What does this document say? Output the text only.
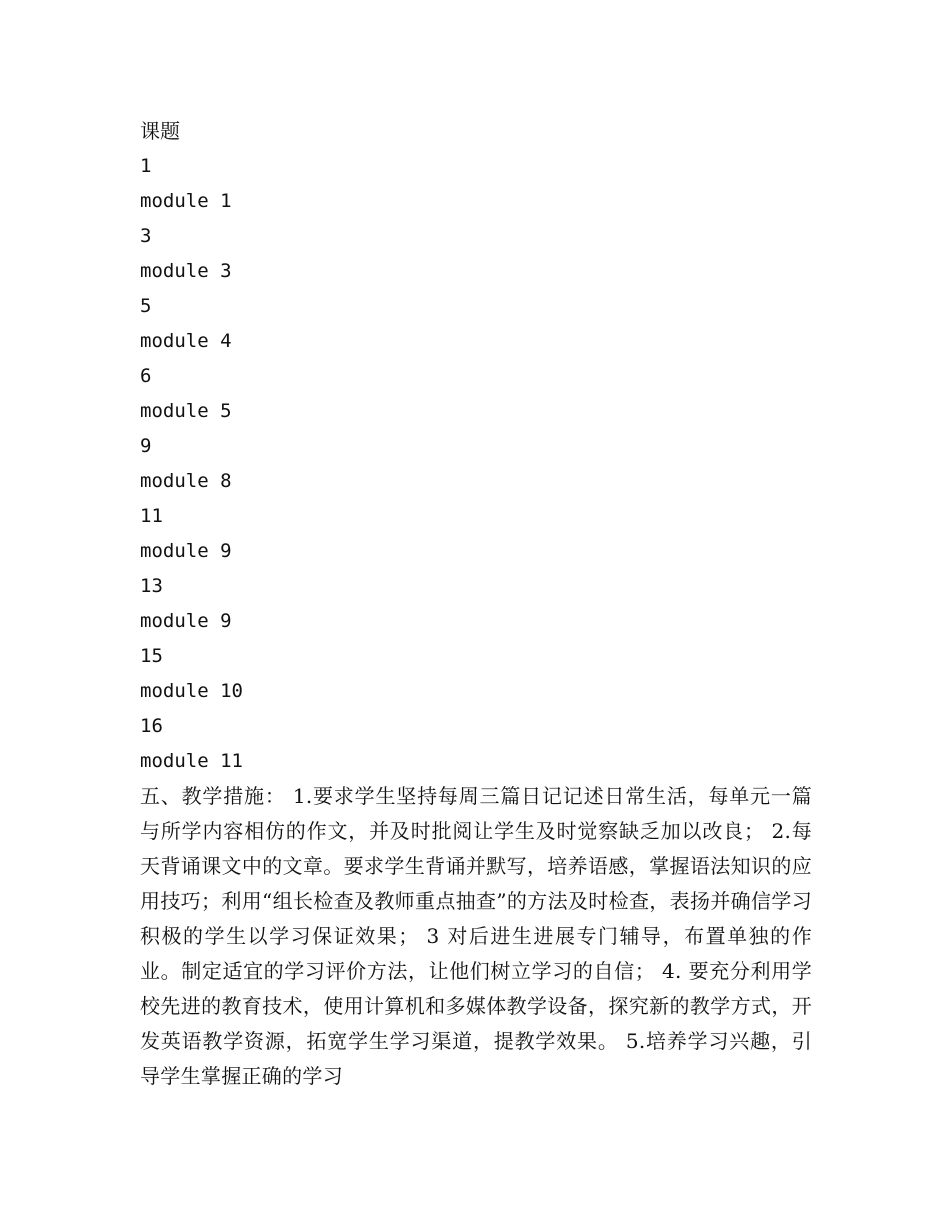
课题
1
module 1
3
module 3
5
module 4
6
module 5
9
module 8
11
module 9
13
module 9
15
module 10
16
module 11
五、教学措施： 1.要求学生坚持每周三篇日记记述日常生活，每单元一篇与所学内容相仿的作文，并及时批阅让学生及时觉察缺乏加以改良； 2.每天背诵课文中的文章。要求学生背诵并默写，培养语感，掌握语法知识的应用技巧；利用“组长检查及教师重点抽查”的方法及时检查，表扬并确信学习积极的学生以学习保证效果； 3 对后进生进展专门辅导，布置单独的作业。制定适宜的学习评价方法，让他们树立学习的自信； 4. 要充分利用学校先进的教育技术，使用计算机和多媒体教学设备，探究新的教学方式，开发英语教学资源，拓宽学生学习渠道，提教学效果。 5.培养学习兴趣，引导学生掌握正确的学习
